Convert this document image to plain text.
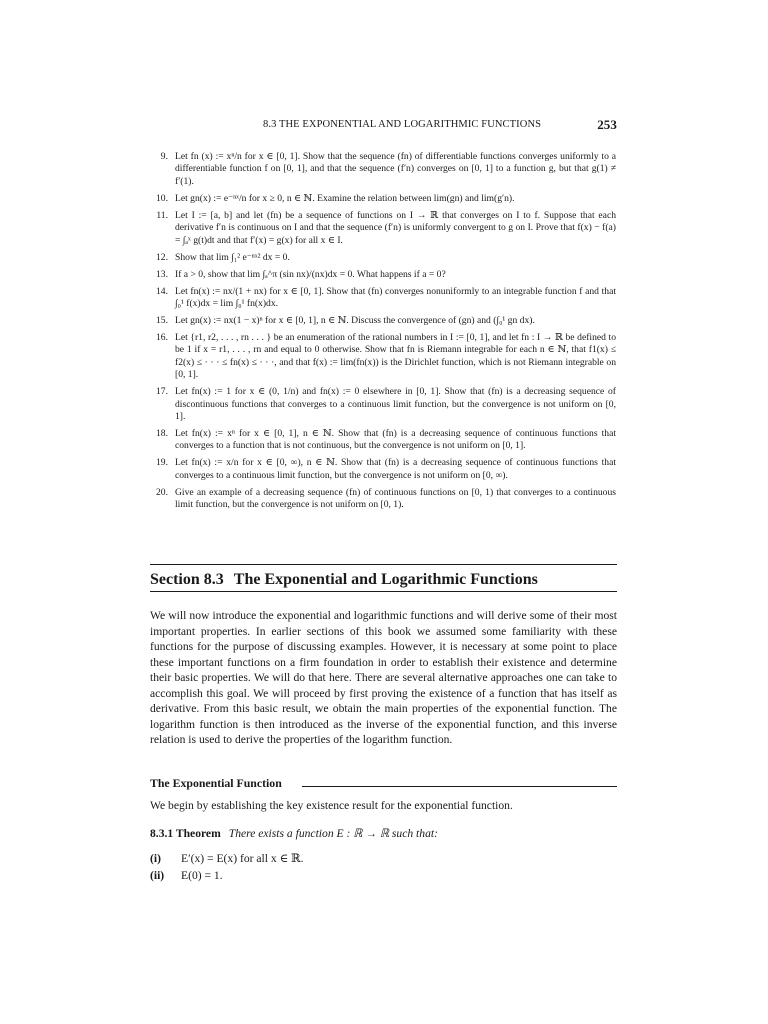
8.3 THE EXPONENTIAL AND LOGARITHMIC FUNCTIONS	253
9. Let fn (x) := xⁿ/n for x ∈ [0, 1]. Show that the sequence (fn) of differentiable functions converges uniformly to a differentiable function f on [0, 1], and that the sequence (f′n) converges on [0, 1] to a function g, but that g(1) ≠ f′(1).
10. Let gn(x) := e⁻ⁿˣ/n for x ≥ 0, n ∈ ℕ. Examine the relation between lim(gn) and lim(g′n).
11. Let I := [a, b] and let (fn) be a sequence of functions on I → ℝ that converges on I to f. Suppose that each derivative f′n is continuous on I and that the sequence (f′n) is uniformly convergent to g on I. Prove that f(x) − f(a) = ∫ₐˣ g(t)dt and that f′(x) = g(x) for all x ∈ I.
12. Show that lim ∫₁² e⁻ⁿˣ² dx = 0.
13. If a > 0, show that lim ∫ₐ^π (sin nx)/(nx)dx = 0. What happens if a = 0?
14. Let fn(x) := nx/(1 + nx) for x ∈ [0, 1]. Show that (fn) converges nonuniformly to an integrable function f and that ∫₀¹ f(x)dx = lim ∫₀¹ fn(x)dx.
15. Let gn(x) := nx(1 − x)ⁿ for x ∈ [0, 1], n ∈ ℕ. Discuss the convergence of (gn) and (∫₀¹ gn dx).
16. Let {r1, r2, . . . , rn . . . } be an enumeration of the rational numbers in I := [0, 1], and let fn : I → ℝ be defined to be 1 if x = r1, . . . , rn and equal to 0 otherwise. Show that fn is Riemann integrable for each n ∈ ℕ, that f1(x) ≤ f2(x) ≤ · · · ≤ fn(x) ≤ · · ·, and that f(x) := lim(fn(x)) is the Dirichlet function, which is not Riemann integrable on [0, 1].
17. Let fn(x) := 1 for x ∈ (0, 1/n) and fn(x) := 0 elsewhere in [0, 1]. Show that (fn) is a decreasing sequence of discontinuous functions that converges to a continuous limit function, but the convergence is not uniform on [0, 1].
18. Let fn(x) := xⁿ for x ∈ [0, 1], n ∈ ℕ. Show that (fn) is a decreasing sequence of continuous functions that converges to a function that is not continuous, but the convergence is not uniform on [0, 1].
19. Let fn(x) := x/n for x ∈ [0, ∞), n ∈ ℕ. Show that (fn) is a decreasing sequence of continuous functions that converges to a continuous limit function, but the convergence is not uniform on [0, ∞).
20. Give an example of a decreasing sequence (fn) of continuous functions on [0, 1) that converges to a continuous limit function, but the convergence is not uniform on [0, 1).
Section 8.3 The Exponential and Logarithmic Functions
We will now introduce the exponential and logarithmic functions and will derive some of their most important properties. In earlier sections of this book we assumed some familiarity with these functions for the purpose of discussing examples. However, it is necessary at some point to place these important functions on a firm foundation in order to establish their existence and determine their basic properties. We will do that here. There are several alternative approaches one can take to accomplish this goal. We will proceed by first proving the existence of a function that has itself as derivative. From this basic result, we obtain the main properties of the exponential function. The logarithm function is then introduced as the inverse of the exponential function, and this inverse relation is used to derive the properties of the logarithm function.
The Exponential Function
We begin by establishing the key existence result for the exponential function.
8.3.1 Theorem There exists a function E : ℝ → ℝ such that:
(i) E′(x) = E(x) for all x ∈ ℝ.
(ii) E(0) = 1.
